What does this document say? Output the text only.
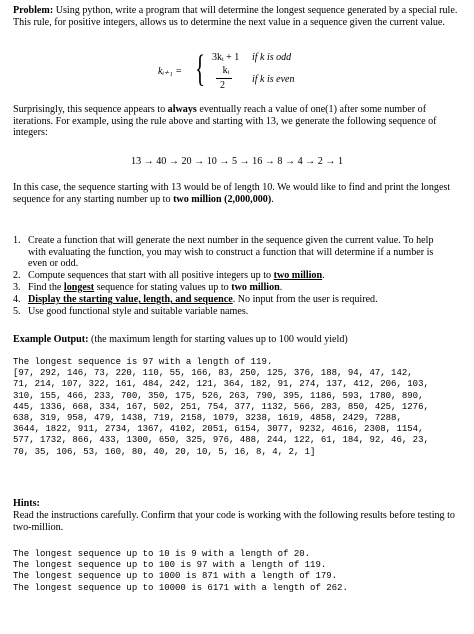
Problem: Using python, write a program that will determine the longest sequence generated by a special rule. This rule, for positive integers, allows us to determine the next value in a sequence given the current value.
kᵢ₊₁ = { 3kᵢ + 1
kᵢ
2
if k is odd
if k is even
Surprisingly, this sequence appears to always eventually reach a value of one(1) after some number of iterations. For example, using the rule above and starting with 13, we generate the following sequence of integers:
13 → 40 → 20 → 10 → 5 → 16 → 8 → 4 → 2 → 1
In this case, the sequence starting with 13 would be of length 10. We would like to find and print the longest sequence for any starting number up to two million (2,000,000).
1. Create a function that will generate the next number in the sequence given the current value. To help with evaluating the function, you may wish to construct a function that will determine if a number is even or odd.
2. Compute sequences that start with all positive integers up to two million.
3. Find the longest sequence for stating values up to two million.
4. Display the starting value, length, and sequence. No input from the user is required.
5. Use good functional style and suitable variable names.
Example Output: (the maximum length for starting values up to 100 would yield)
The longest sequence is 97 with a length of 119.
[97, 292, 146, 73, 220, 110, 55, 166, 83, 250, 125, 376, 188, 94, 47, 142,
71, 214, 107, 322, 161, 484, 242, 121, 364, 182, 91, 274, 137, 412, 206, 103,
310, 155, 466, 233, 700, 350, 175, 526, 263, 790, 395, 1186, 593, 1780, 890,
445, 1336, 668, 334, 167, 502, 251, 754, 377, 1132, 566, 283, 850, 425, 1276,
638, 319, 958, 479, 1438, 719, 2158, 1079, 3238, 1619, 4858, 2429, 7288,
3644, 1822, 911, 2734, 1367, 4102, 2051, 6154, 3077, 9232, 4616, 2308, 1154,
577, 1732, 866, 433, 1300, 650, 325, 976, 488, 244, 122, 61, 184, 92, 46, 23,
70, 35, 106, 53, 160, 80, 40, 20, 10, 5, 16, 8, 4, 2, 1]
Hints:
Read the instructions carefully. Confirm that your code is working with the following results before testing to two-million.
The longest sequence up to 10 is 9 with a length of 20.
The longest sequence up to 100 is 97 with a length of 119.
The longest sequence up to 1000 is 871 with a length of 179.
The longest sequence up to 10000 is 6171 with a length of 262.
